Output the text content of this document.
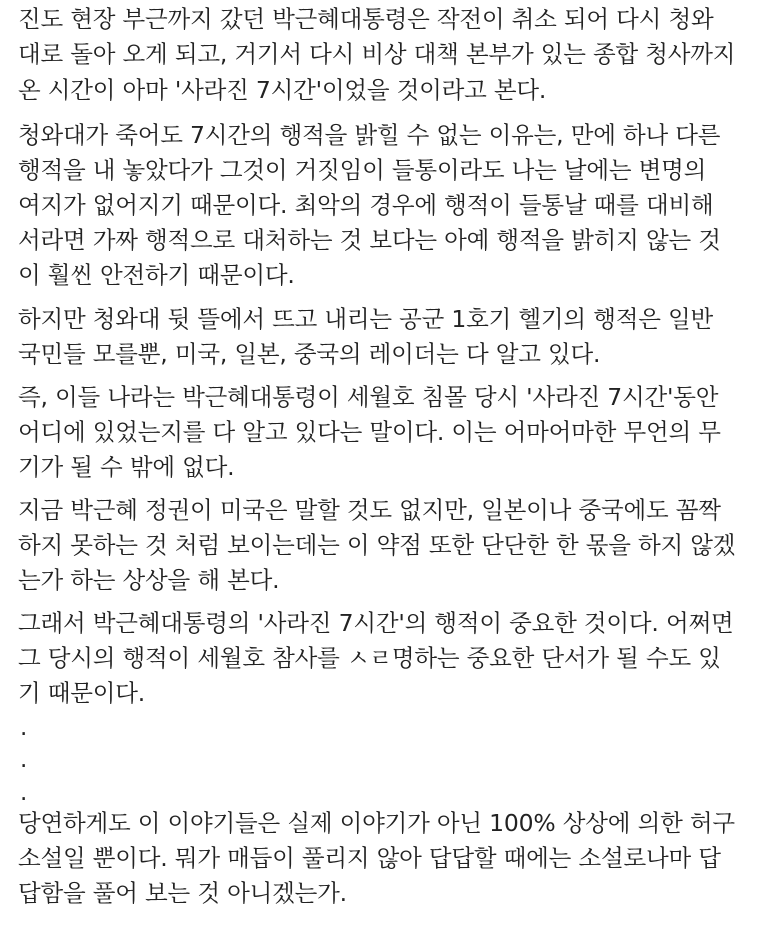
진도 현장 부근까지 갔던 박근혜대통령은 작전이 취소 되어 다시 청와
대로 돌아 오게 되고, 거기서 다시 비상 대책 본부가 있는 종합 청사까지
온 시간이 아마 '사라진 7시간'이었을 것이라고 본다.
청와대가 죽어도 7시간의 행적을 밝힐 수 없는 이유는, 만에 하나 다른
행적을 내 놓았다가 그것이 거짓임이 들통이라도 나는 날에는 변명의
여지가 없어지기 때문이다. 최악의 경우에 행적이 들통날 때를 대비해
서라면 가짜 행적으로 대처하는 것 보다는 아예 행적을 밝히지 않는 것
이 훨씬 안전하기 때문이다.
하지만 청와대 뒷 뜰에서 뜨고 내리는 공군 1호기 헬기의 행적은 일반
국민들 모를뿐, 미국, 일본, 중국의 레이더는 다 알고 있다.
즉, 이들 나라는 박근혜대통령이 세월호 침몰 당시 '사라진 7시간'동안
어디에 있었는지를 다 알고 있다는 말이다. 이는 어마어마한 무언의 무
기가 될 수 밖에 없다.
지금 박근혜 정권이 미국은 말할 것도 없지만, 일본이나 중국에도 꼼짝
하지 못하는 것 처럼 보이는데는 이 약점 또한 단단한 한 몫을 하지 않겠
는가 하는 상상을 해 본다.
그래서 박근혜대통령의 '사라진 7시간'의 행적이 중요한 것이다. 어쩌면
그 당시의 행적이 세월호 참사를 ㅅㄹ명하는 중요한 단서가 될 수도 있
기 때문이다.
.
.
.
당연하게도 이 이야기들은 실제 이야기가 아닌 100% 상상에 의한 허구
소설일 뿐이다. 뭐가 매듭이 풀리지 않아 답답할 때에는 소설로나마 답
답함을 풀어 보는 것 아니겠는가.
